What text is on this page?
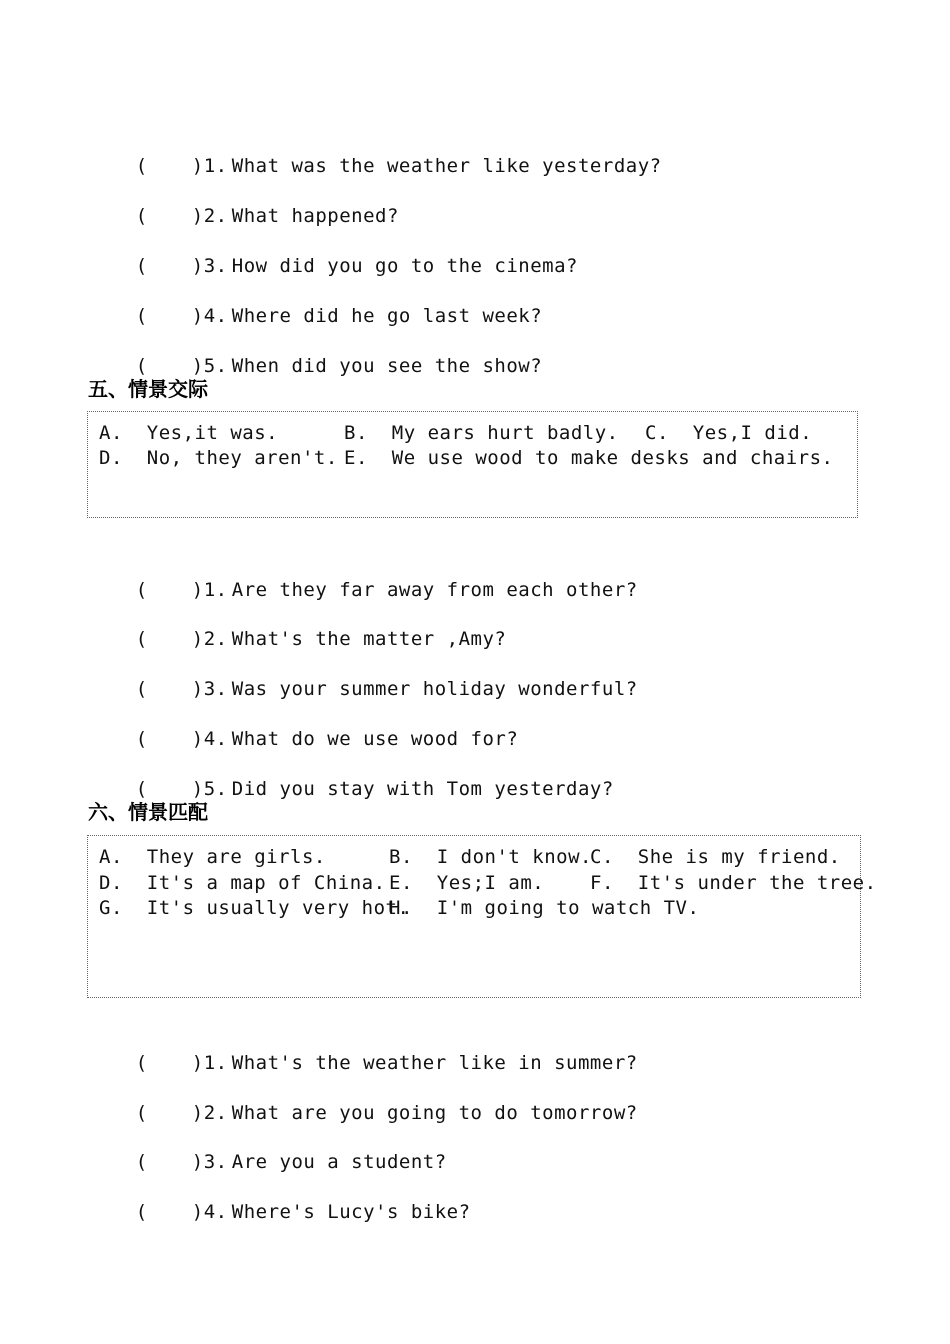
( )1. What was the weather like yesterday?

( )2. What happened?

( )3. How did you go to the cinema?

( )4. Where did he go last week?

( )5. When did you see the show?

五、情景交际

A.  Yes,it was.

	B.  My ears hurt badly.

C.  Yes,I did.

D.  No, they aren't.

E.  We use wood to make desks and chairs.

( )1. Are they far away from each other?

( )2. What's the matter ,Amy?

( )3. Was your summer holiday wonderful?

( )4. What do we use wood for?

( )5. Did you stay with Tom yesterday?

六、情景匹配

A.  They are girls.

	B.  I don't know.

C.  She is my friend.

D.  It's a map of China.

E.  Yes;I am.

F.  It's under the tree.

G.  It's usually very hot.

H.  I'm going to watch TV.

( )1. What's the weather like in summer?

( )2. What are you going to do tomorrow?

( )3. Are you a student?

( )4. Where's Lucy's bike?
